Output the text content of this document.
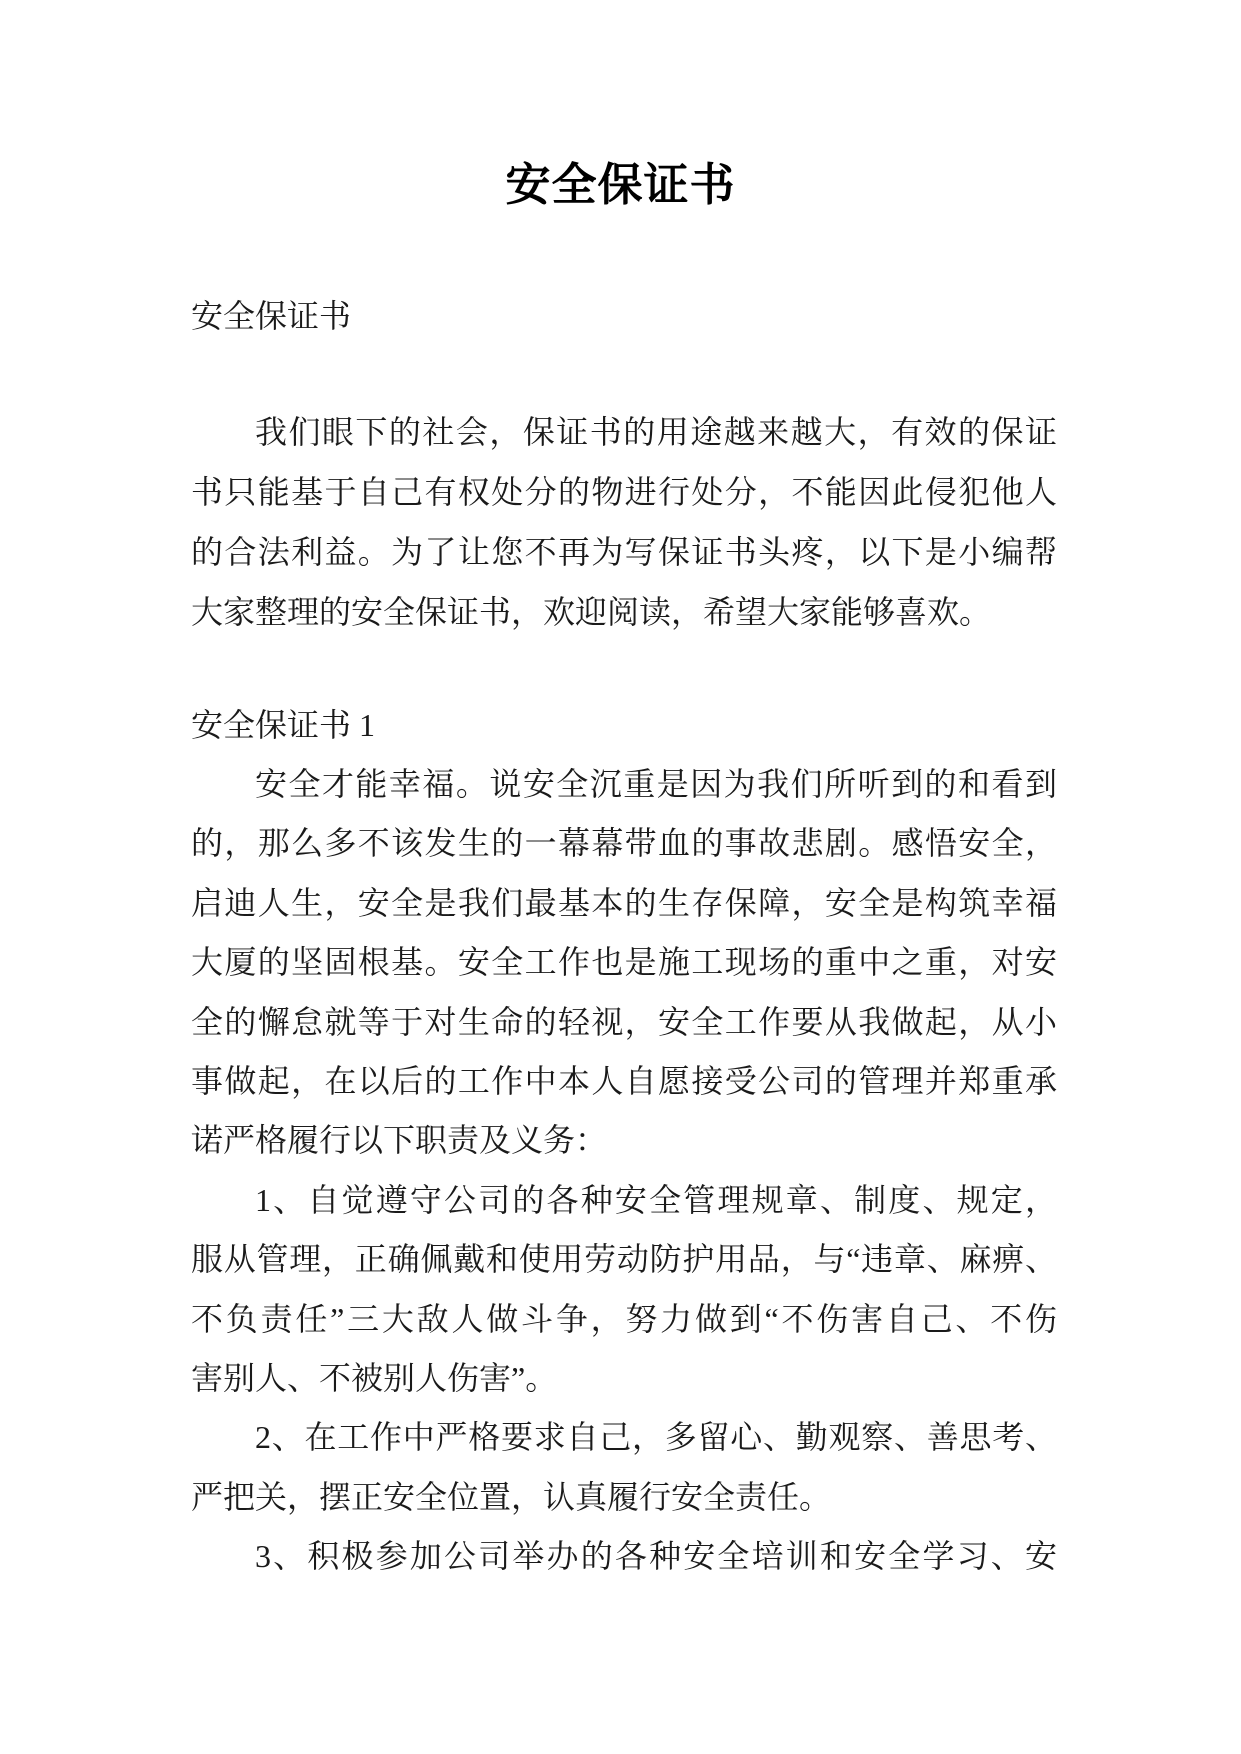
安全保证书
安全保证书
我们眼下的社会，保证书的用途越来越大，有效的保证
书只能基于自己有权处分的物进行处分，不能因此侵犯他人
的合法利益。为了让您不再为写保证书头疼，以下是小编帮
大家整理的安全保证书，欢迎阅读，希望大家能够喜欢。
安全保证书 1
安全才能幸福。说安全沉重是因为我们所听到的和看到
的，那么多不该发生的一幕幕带血的事故悲剧。感悟安全，
启迪人生，安全是我们最基本的生存保障，安全是构筑幸福
大厦的坚固根基。安全工作也是施工现场的重中之重，对安
全的懈怠就等于对生命的轻视，安全工作要从我做起，从小
事做起，在以后的工作中本人自愿接受公司的管理并郑重承
诺严格履行以下职责及义务：
1、自觉遵守公司的各种安全管理规章、制度、规定，
服从管理，正确佩戴和使用劳动防护用品，与“违章、麻痹、
不负责任”三大敌人做斗争，努力做到“不伤害自己、不伤
害别人、不被别人伤害”。
2、在工作中严格要求自己，多留心、勤观察、善思考、
严把关，摆正安全位置，认真履行安全责任。
3、积极参加公司举办的各种安全培训和安全学习、安
